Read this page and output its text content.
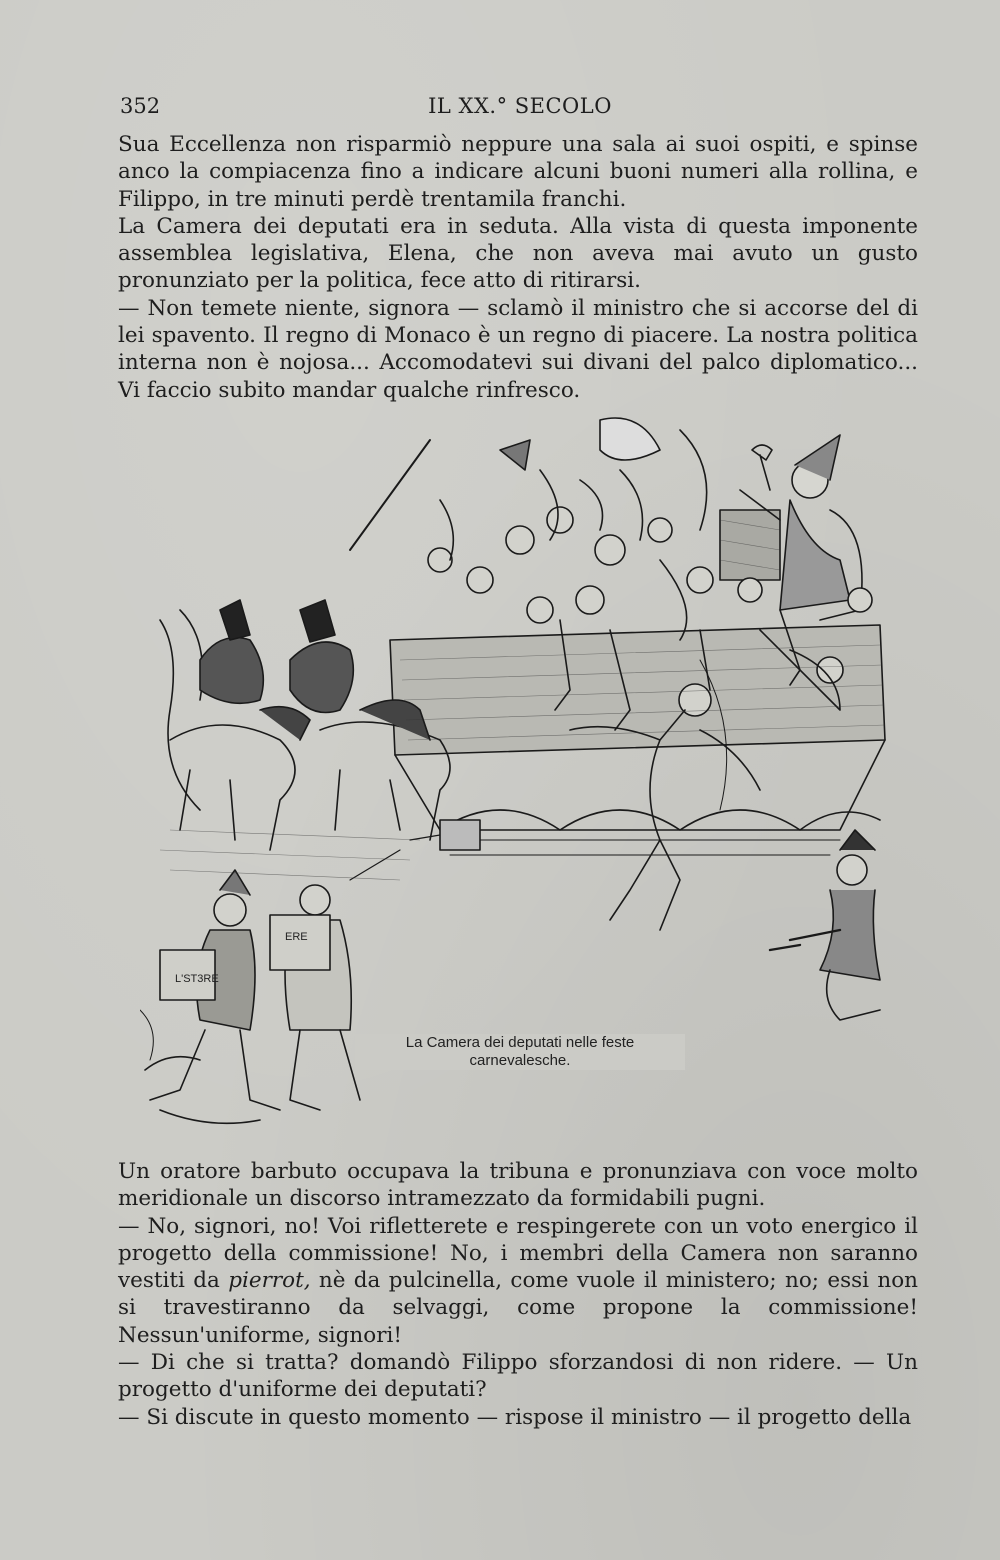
352	IL XX.° SECOLO

Sua Eccellenza non risparmiò neppure una sala ai suoi ospiti, e spinse anco la compiacenza fino a indicare alcuni buoni numeri alla rollina, e Filippo, in tre minuti perdè trentamila franchi.

La Camera dei deputati era in seduta. Alla vista di questa imponente assemblea legislativa, Elena, che non aveva mai avuto un gusto pronunziato per la politica, fece atto di ritirarsi.

— Non temete niente, signora — sclamò il ministro che si accorse del di lei spavento. Il regno di Monaco è un regno di piacere. La nostra politica interna non è nojosa... Accomodatevi sui divani del palco diplomatico... Vi faccio subito mandar qualche rinfresco.

L'ST3RE
ERE
La Camera dei deputati nelle feste carnevalesche.

Un oratore barbuto occupava la tribuna e pronunziava con voce molto meridionale un discorso intramezzato da formidabili pugni.

— No, signori, no! Voi rifletterete e respingerete con un voto energico il progetto della commissione! No, i membri della Camera non saranno vestiti da pierrot, nè da pulcinella, come vuole il ministero; no; essi non si travestiranno da selvaggi, come propone la commissione! Nessun'uniforme, signori!

— Di che si tratta? domandò Filippo sforzandosi di non ridere. — Un progetto d'uniforme dei deputati?

— Si discute in questo momento — rispose il ministro — il progetto della
